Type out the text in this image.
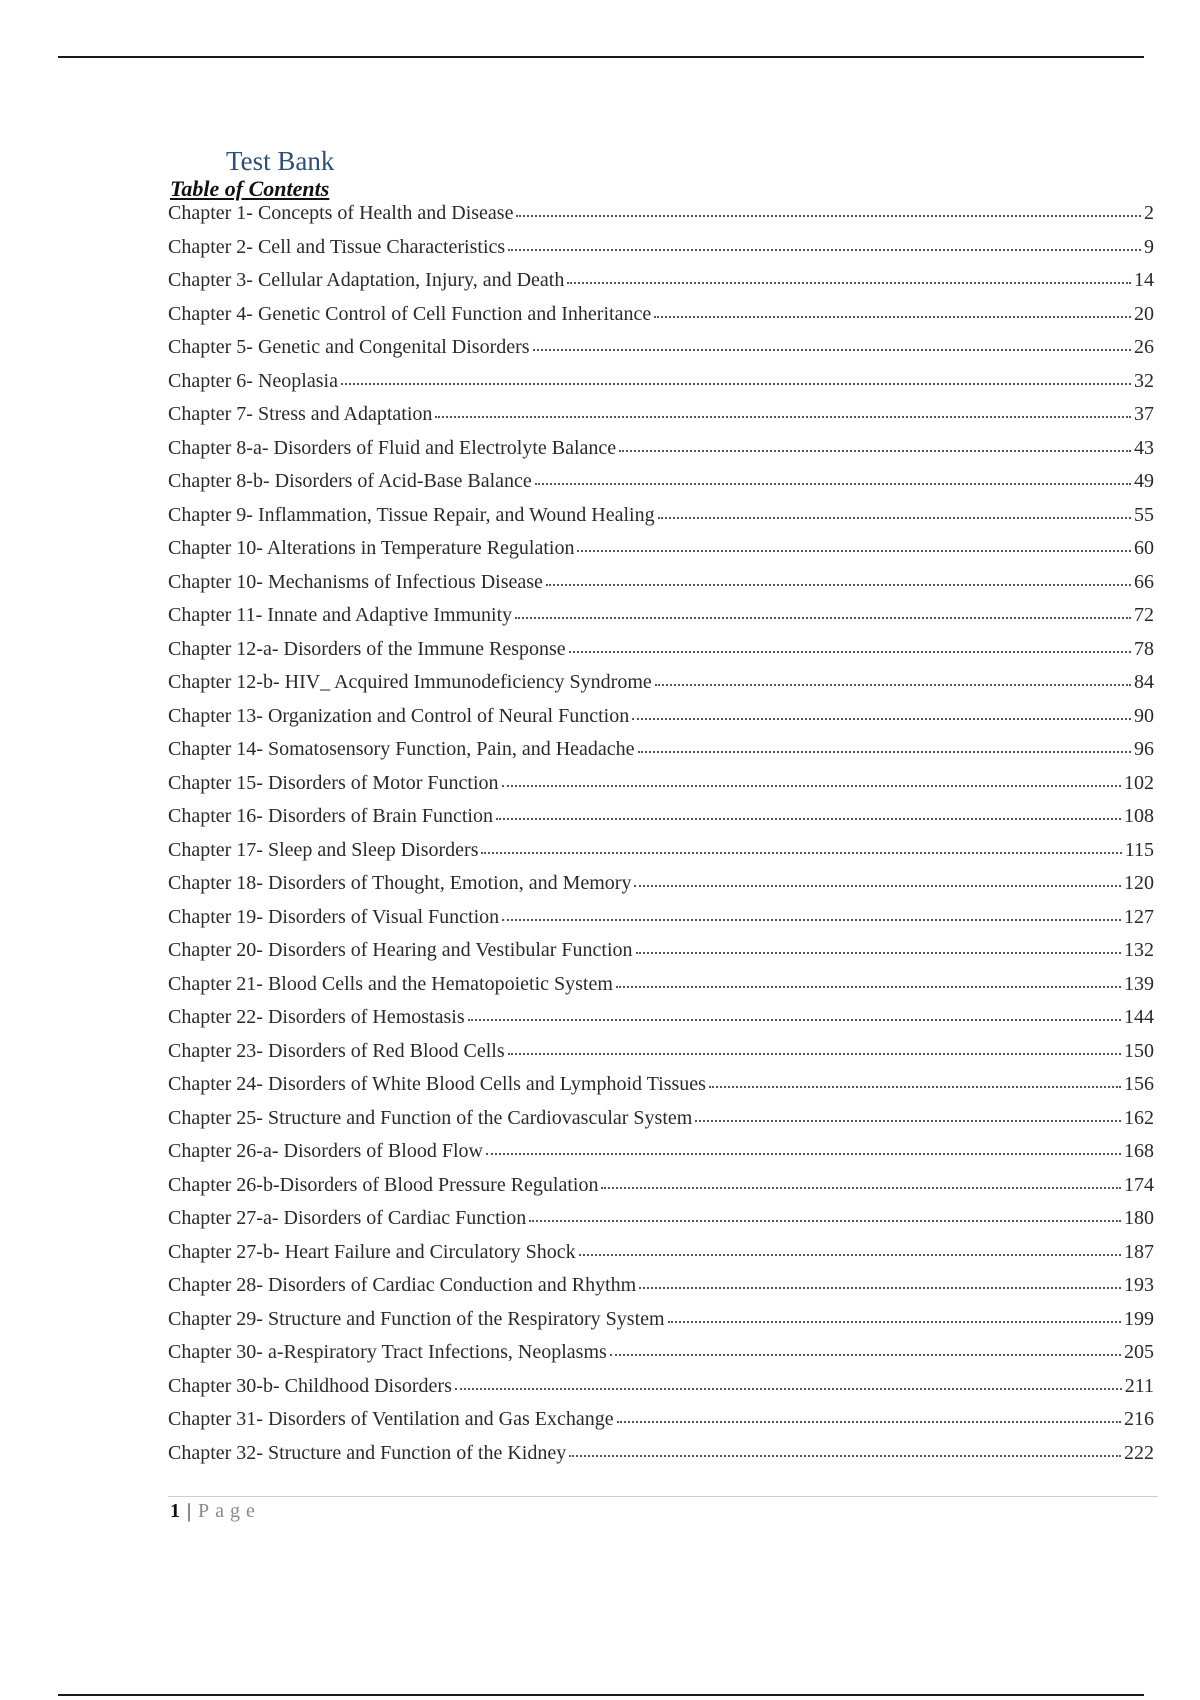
Test Bank
Table of Contents
Chapter 1- Concepts of Health and Disease	2
Chapter 2- Cell and Tissue Characteristics	9
Chapter 3- Cellular Adaptation, Injury, and Death	14
Chapter 4- Genetic Control of Cell Function and Inheritance	20
Chapter 5- Genetic and Congenital Disorders	26
Chapter 6- Neoplasia	32
Chapter 7- Stress and Adaptation	37
Chapter 8-a- Disorders of Fluid and Electrolyte Balance	43
Chapter 8-b- Disorders of Acid-Base Balance	49
Chapter 9- Inflammation, Tissue Repair, and Wound Healing	55
Chapter 10- Alterations in Temperature Regulation	60
Chapter 10- Mechanisms of Infectious Disease	66
Chapter 11- Innate and Adaptive Immunity	72
Chapter 12-a- Disorders of the Immune Response	78
Chapter 12-b- HIV_ Acquired Immunodeficiency Syndrome	84
Chapter 13- Organization and Control of Neural Function	90
Chapter 14- Somatosensory Function, Pain, and Headache	96
Chapter 15- Disorders of Motor Function	102
Chapter 16- Disorders of Brain Function	108
Chapter 17- Sleep and Sleep Disorders	115
Chapter 18- Disorders of Thought, Emotion, and Memory	120
Chapter 19- Disorders of Visual Function	127
Chapter 20- Disorders of Hearing and Vestibular Function	132
Chapter 21- Blood Cells and the Hematopoietic System	139
Chapter 22- Disorders of Hemostasis	144
Chapter 23- Disorders of Red Blood Cells	150
Chapter 24- Disorders of White Blood Cells and Lymphoid Tissues	156
Chapter 25- Structure and Function of the Cardiovascular System	162
Chapter 26-a- Disorders of Blood Flow	168
Chapter 26-b-Disorders of Blood Pressure Regulation	174
Chapter 27-a- Disorders of Cardiac Function	180
Chapter 27-b- Heart Failure and Circulatory Shock	187
Chapter 28- Disorders of Cardiac Conduction and Rhythm	193
Chapter 29- Structure and Function of the Respiratory System	199
Chapter 30- a-Respiratory Tract Infections, Neoplasms	205
Chapter 30-b- Childhood Disorders	211
Chapter 31- Disorders of Ventilation and Gas Exchange	216
Chapter 32- Structure and Function of the Kidney	222
1 | Page
